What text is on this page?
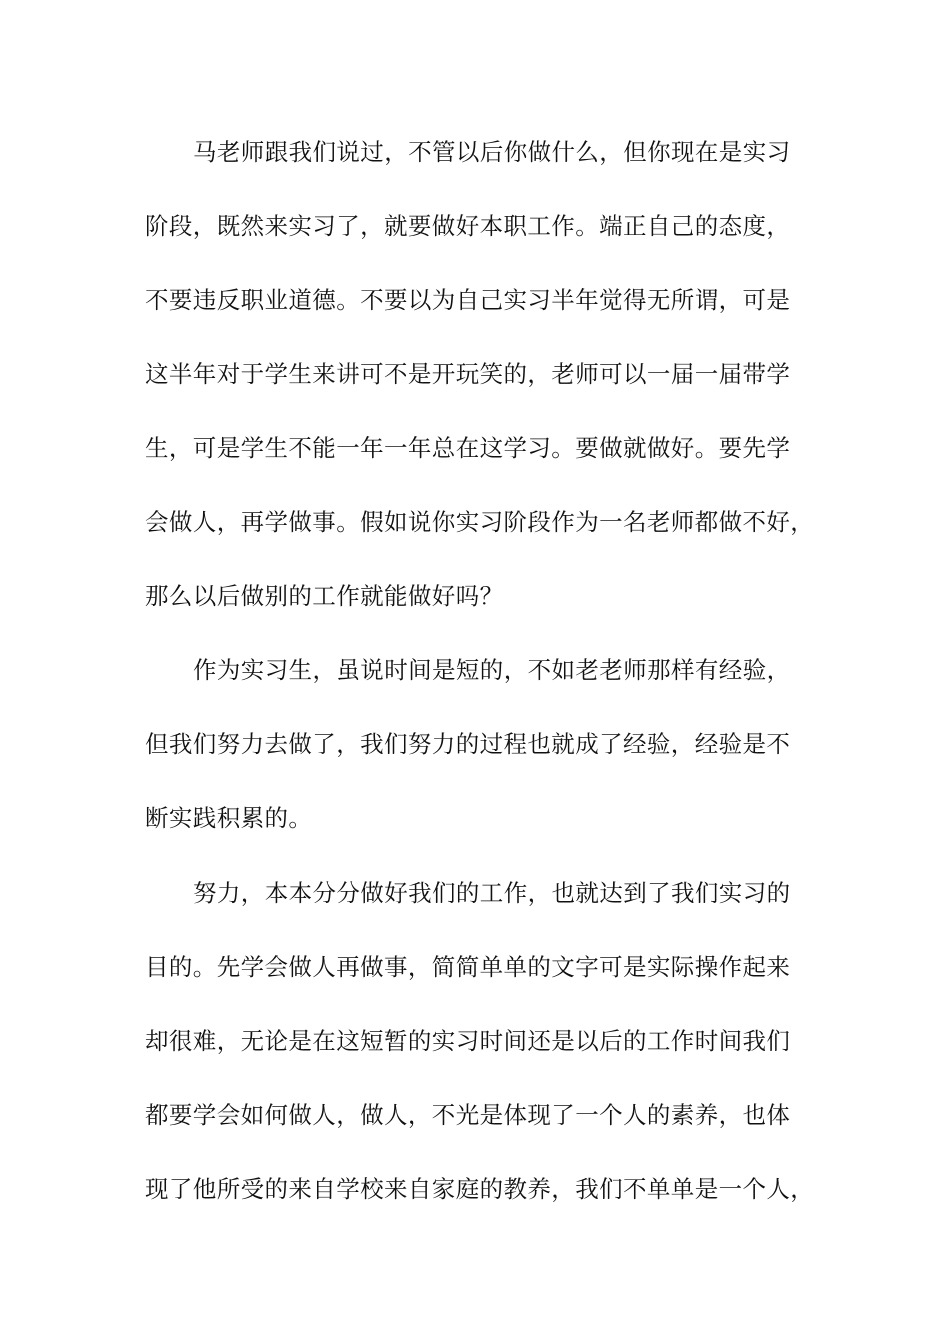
马老师跟我们说过，不管以后你做什么，但你现在是实习
阶段，既然来实习了，就要做好本职工作。端正自己的态度，
不要违反职业道德。不要以为自己实习半年觉得无所谓，可是
这半年对于学生来讲可不是开玩笑的，老师可以一届一届带学
生，可是学生不能一年一年总在这学习。要做就做好。要先学
会做人，再学做事。假如说你实习阶段作为一名老师都做不好，
那么以后做别的工作就能做好吗？
作为实习生，虽说时间是短的，不如老老师那样有经验，
但我们努力去做了，我们努力的过程也就成了经验，经验是不
断实践积累的。
努力，本本分分做好我们的工作，也就达到了我们实习的
目的。先学会做人再做事，简简单单的文字可是实际操作起来
却很难，无论是在这短暂的实习时间还是以后的工作时间我们
都要学会如何做人，做人，不光是体现了一个人的素养，也体
现了他所受的来自学校来自家庭的教养，我们不单单是一个人，
